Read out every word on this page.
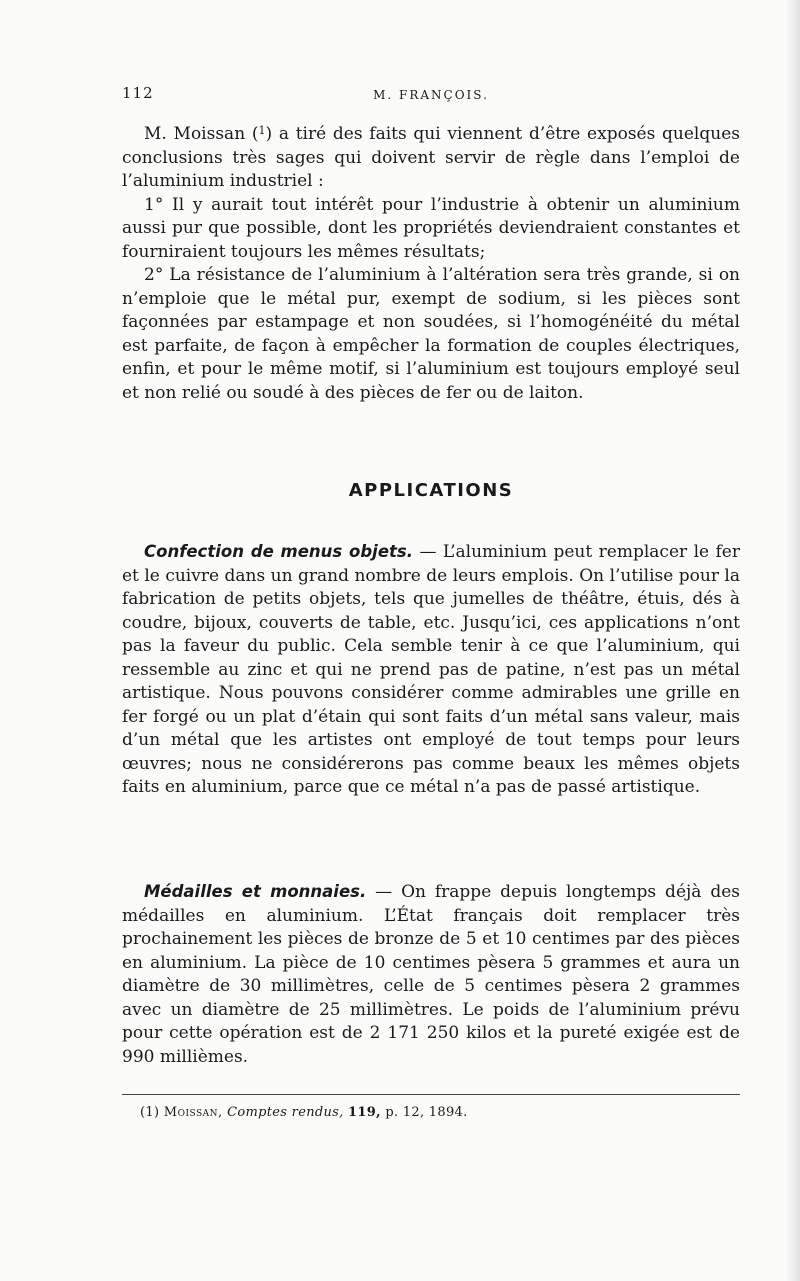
112	M. FRANÇOIS.

M. Moissan ($^1$) a tiré des faits qui viennent d’être exposés quelques conclusions très sages qui doivent servir de règle dans l’emploi de l’aluminium industriel :

1° Il y aurait tout intérêt pour l’industrie à obtenir un aluminium aussi pur que possible, dont les propriétés deviendraient constantes et fourniraient toujours les mêmes résultats;

2° La résistance de l’aluminium à l’altération sera très grande, si on n’emploie que le métal pur, exempt de sodium, si les pièces sont façonnées par estampage et non soudées, si l’homogénéité du métal est parfaite, de façon à empêcher la formation de couples électriques, enfin, et pour le même motif, si l’aluminium est toujours employé seul et non relié ou soudé à des pièces de fer ou de laiton.

APPLICATIONS

Confection de menus objets. — L’aluminium peut remplacer le fer et le cuivre dans un grand nombre de leurs emplois. On l’utilise pour la fabrication de petits objets, tels que jumelles de théâtre, étuis, dés à coudre, bijoux, couverts de table, etc. Jusqu’ici, ces applications n’ont pas la faveur du public. Cela semble tenir à ce que l’aluminium, qui ressemble au zinc et qui ne prend pas de patine, n’est pas un métal artistique. Nous pouvons considérer comme admirables une grille en fer forgé ou un plat d’étain qui sont faits d’un métal sans valeur, mais d’un métal que les artistes ont employé de tout temps pour leurs œuvres; nous ne considérerons pas comme beaux les mêmes objets faits en aluminium, parce que ce métal n’a pas de passé artistique.

Médailles et monnaies. — On frappe depuis longtemps déjà des médailles en aluminium. L’État français doit remplacer très prochainement les pièces de bronze de 5 et 10 centimes par des pièces en aluminium. La pièce de 10 centimes pèsera 5 grammes et aura un diamètre de 30 millimètres, celle de 5 centimes pèsera 2 grammes avec un diamètre de 25 millimètres. Le poids de l’aluminium prévu pour cette opération est de 2 171 250 kilos et la pureté exigée est de 990 millièmes.

(1) Moissan, Comptes rendus, 119, p. 12, 1894.
